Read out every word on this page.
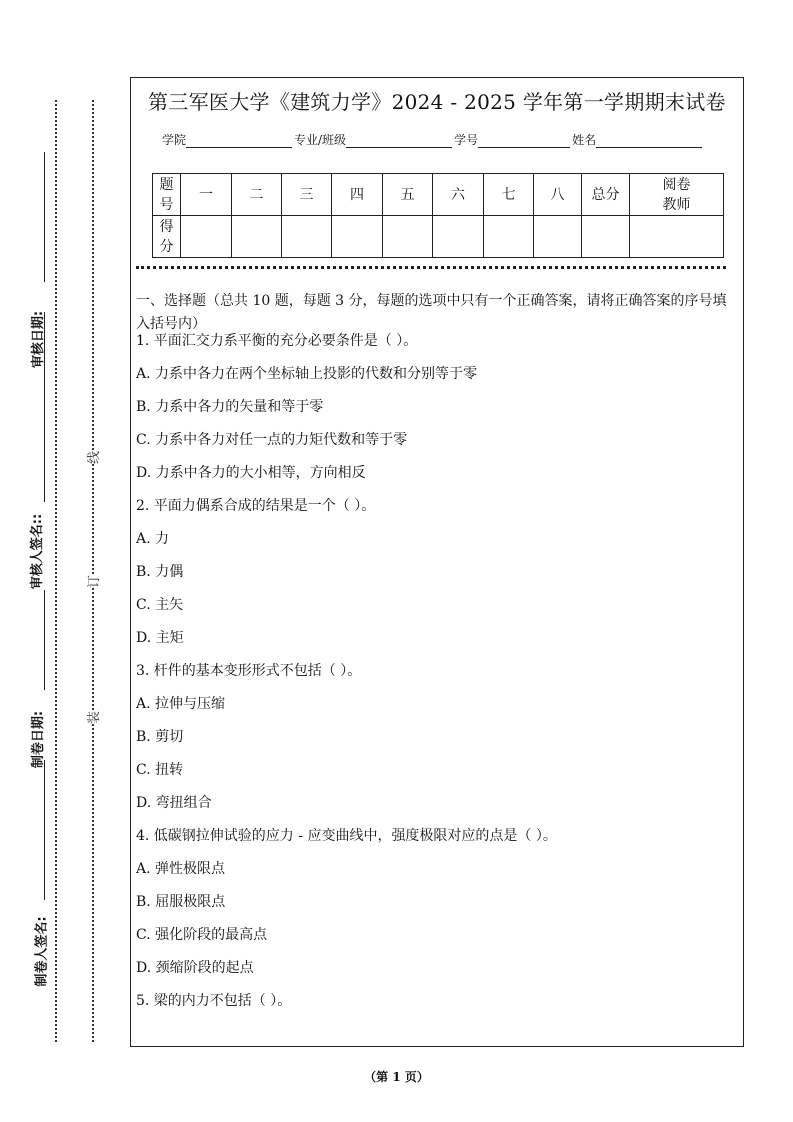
审核日期:
审核人签名::
制卷日期:
制卷人签名:
线
订
装
第三军医大学《建筑力学》2024 - 2025 学年第一学期期末试卷
学院	专业/班级	学号	姓名
题号	一	二	三	四	五	六	七	八	总分	阅卷教师
得分										
一、选择题（总共 10 题，每题 3 分，每题的选项中只有一个正确答案，请将正确答案的序号填入括号内）
1. 平面汇交力系平衡的充分必要条件是（ ）。
A. 力系中各力在两个坐标轴上投影的代数和分别等于零
B. 力系中各力的矢量和等于零
C. 力系中各力对任一点的力矩代数和等于零
D. 力系中各力的大小相等，方向相反
2. 平面力偶系合成的结果是一个（ ）。
A. 力
B. 力偶
C. 主矢
D. 主矩
3. 杆件的基本变形形式不包括（ ）。
A. 拉伸与压缩
B. 剪切
C. 扭转
D. 弯扭组合
4. 低碳钢拉伸试验的应力 - 应变曲线中，强度极限对应的点是（ ）。
A. 弹性极限点
B. 屈服极限点
C. 强化阶段的最高点
D. 颈缩阶段的起点
5. 梁的内力不包括（ ）。
（第 1 页）
